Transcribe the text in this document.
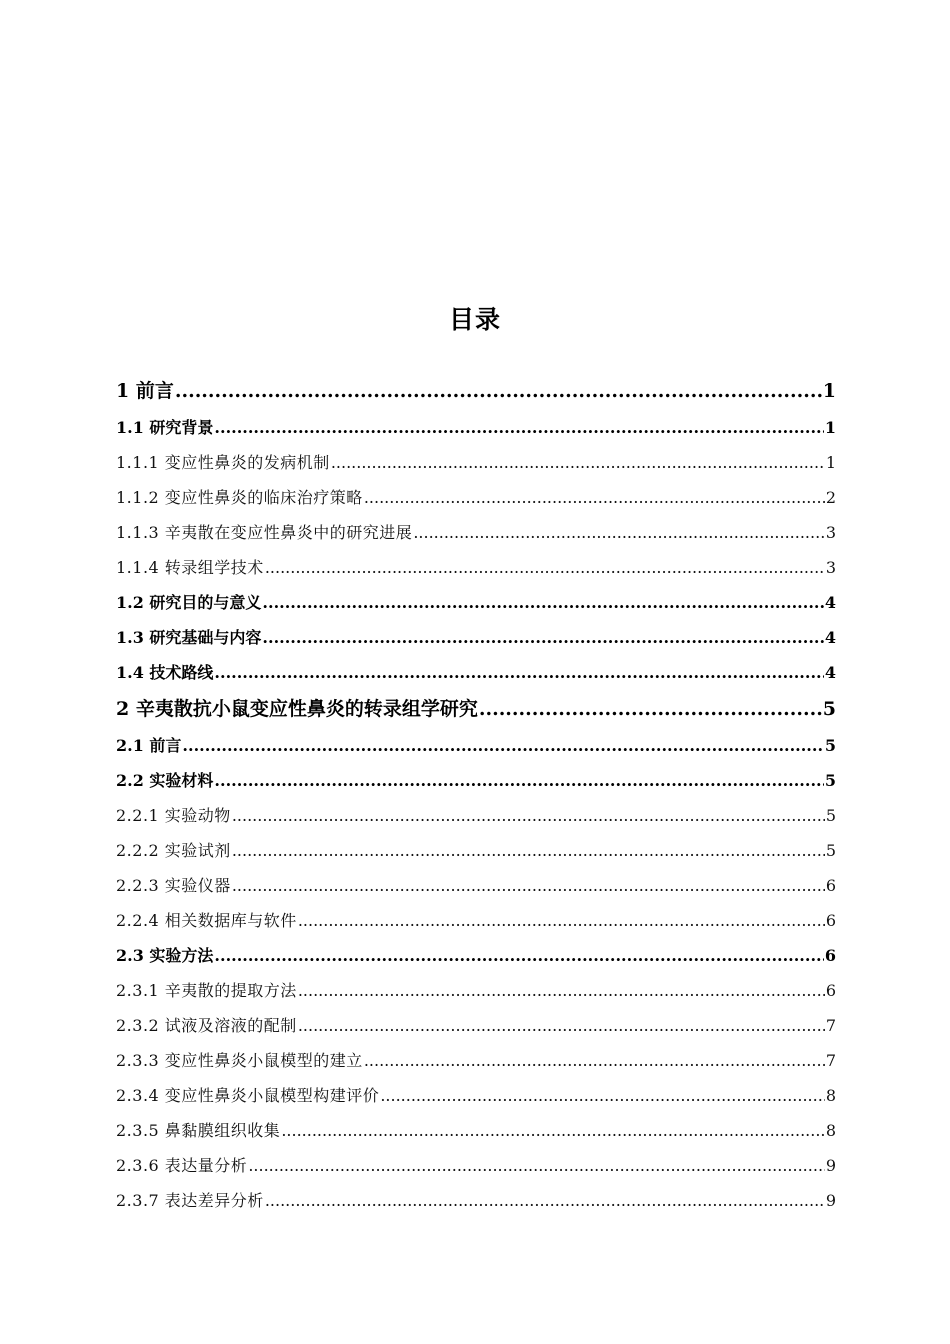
目录
1 前言 .....	1
1.1 研究背景 .....	1
1.1.1 变应性鼻炎的发病机制 .....	1
1.1.2 变应性鼻炎的临床治疗策略 .....	2
1.1.3 辛夷散在变应性鼻炎中的研究进展 .....	3
1.1.4 转录组学技术 .....	3
1.2 研究目的与意义 .....	4
1.3 研究基础与内容 .....	4
1.4 技术路线 .....	4
2 辛夷散抗小鼠变应性鼻炎的转录组学研究 .....	5
2.1 前言 .....	5
2.2 实验材料 .....	5
2.2.1 实验动物 .....	5
2.2.2 实验试剂 .....	5
2.2.3 实验仪器 .....	6
2.2.4 相关数据库与软件 .....	6
2.3 实验方法 .....	6
2.3.1 辛夷散的提取方法 .....	6
2.3.2 试液及溶液的配制 .....	7
2.3.3 变应性鼻炎小鼠模型的建立 .....	7
2.3.4 变应性鼻炎小鼠模型构建评价 .....	8
2.3.5 鼻黏膜组织收集 .....	8
2.3.6 表达量分析 .....	9
2.3.7 表达差异分析 .....	9
